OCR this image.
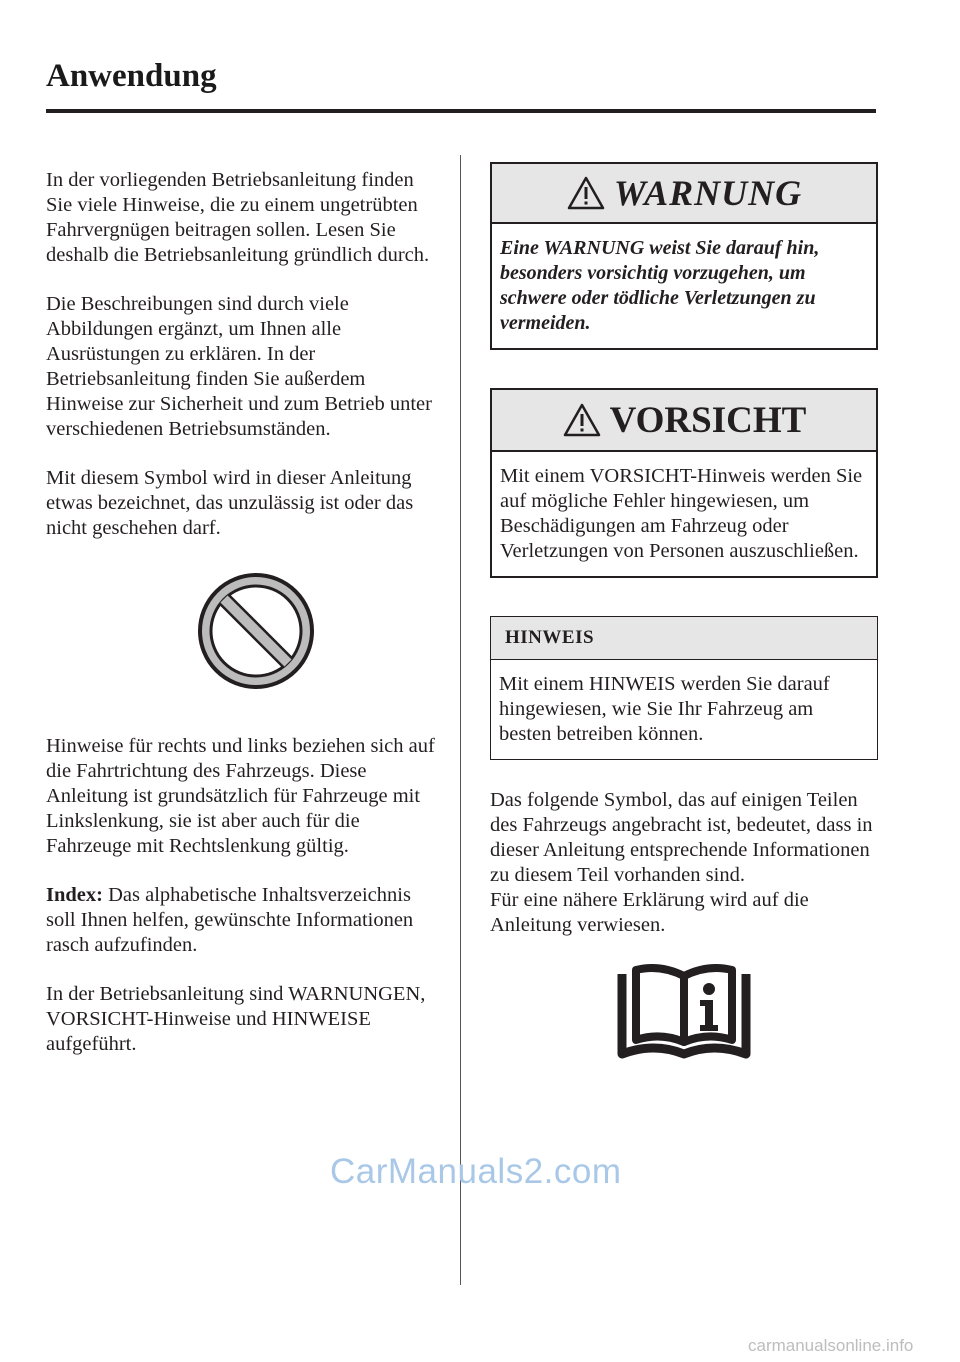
Anwendung

In der vorliegenden Betriebsanleitung finden Sie viele Hinweise, die zu einem ungetrübten Fahrvergnügen beitragen sollen. Lesen Sie deshalb die Betriebsanleitung gründlich durch.

Die Beschreibungen sind durch viele Abbildungen ergänzt, um Ihnen alle Ausrüstungen zu erklären. In der Betriebsanleitung finden Sie außerdem Hinweise zur Sicherheit und zum Betrieb unter verschiedenen Betriebsumständen.

Mit diesem Symbol wird in dieser Anleitung etwas bezeichnet, das unzulässig ist oder das nicht geschehen darf.

Hinweise für rechts und links beziehen sich auf die Fahrtrichtung des Fahrzeugs. Diese Anleitung ist grundsätzlich für Fahrzeuge mit Linkslenkung, sie ist aber auch für die Fahrzeuge mit Rechtslenkung gültig.

Index: Das alphabetische Inhaltsverzeichnis soll Ihnen helfen, gewünschte Informationen rasch aufzufinden.

In der Betriebsanleitung sind WARNUNGEN, VORSICHT-Hinweise und HINWEISE aufgeführt.

WARNUNG

Eine WARNUNG weist Sie darauf hin, besonders vorsichtig vorzugehen, um schwere oder tödliche Verletzungen zu vermeiden.

VORSICHT

Mit einem VORSICHT-Hinweis werden Sie auf mögliche Fehler hingewiesen, um Beschädigungen am Fahrzeug oder Verletzungen von Personen auszuschließen.

HINWEIS

Mit einem HINWEIS werden Sie darauf hingewiesen, wie Sie Ihr Fahrzeug am besten betreiben können.

Das folgende Symbol, das auf einigen Teilen des Fahrzeugs angebracht ist, bedeutet, dass in dieser Anleitung entsprechende Informationen zu diesem Teil vorhanden sind.

Für eine nähere Erklärung wird auf die Anleitung verwiesen.

CarManuals2.com
carmanualsonline.info
